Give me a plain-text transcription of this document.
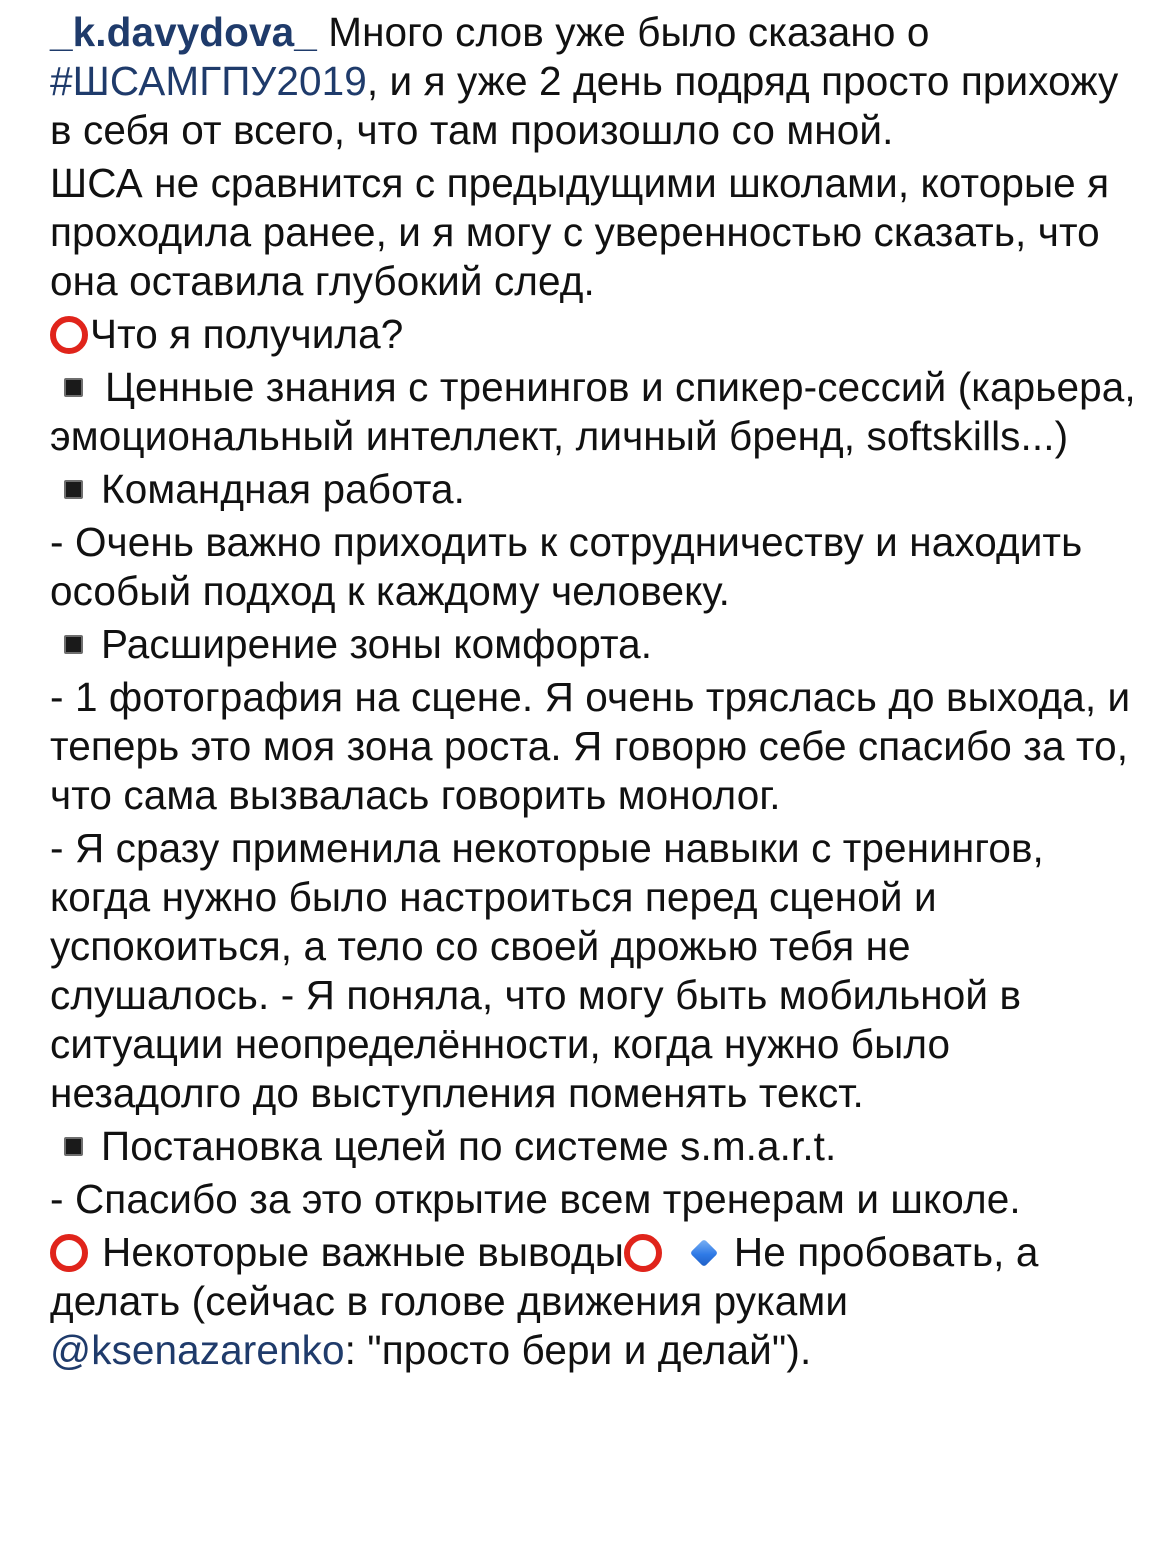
_k.davydova_ Много слов уже было сказано о #ШСАМГПУ2019, и я уже 2 день подряд просто прихожу в себя от всего, что там произошло со мной.
ШСА не сравнится с предыдущими школами, которые я проходила ранее, и я могу с уверенностью сказать, что она оставила глубокий след.
Что я получила?
Ценные знания с тренингов и спикер-сессий (карьера, эмоциональный интеллект, личный бренд, softskills...)
Командная работа.
- Очень важно приходить к сотрудничеству и находить особый подход к каждому человеку.
Расширение зоны комфорта.
- 1 фотография на сцене. Я очень тряслась до выхода, и теперь это моя зона роста. Я говорю себе спасибо за то, что сама вызвалась говорить монолог.
- Я сразу применила некоторые навыки с тренингов, когда нужно было настроиться перед сценой и успокоиться, а тело со своей дрожью тебя не слушалось. - Я поняла, что могу быть мобильной в ситуации неопределённости, когда нужно было незадолго до выступления поменять текст.
Постановка целей по системе s.m.a.r.t.
- Спасибо за это открытие всем тренерам и школе.
Некоторые важные выводы	Не пробовать, а делать (сейчас в голове движения руками @ksenazarenko: "просто бери и делай").
